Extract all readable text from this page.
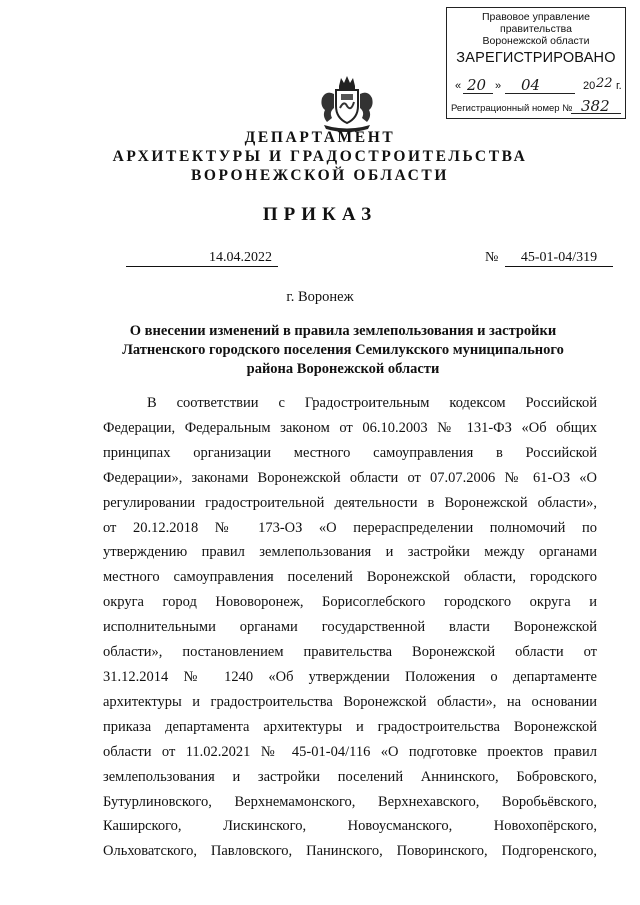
Правовое управление правительства
Воронежской области
ЗАРЕГИСТРИРОВАНО
« 20 » 04	20 22 г.
Регистрационный номер № 382
ДЕПАРТАМЕНТ
АРХИТЕКТУРЫ И ГРАДОСТРОИТЕЛЬСТВА
ВОРОНЕЖСКОЙ ОБЛАСТИ
ПРИКАЗ
14.04.2022	№	45-01-04/319
г. Воронеж
О внесении изменений в правила землепользования и застройки
Латненского городского поселения Семилукского муниципального
района Воронежской области
В соответствии с Градостроительным кодексом Российской
Федерации, Федеральным законом от 06.10.2003 № 131-ФЗ «Об общих
принципах организации местного самоуправления в Российской
Федерации», законами Воронежской области от 07.07.2006 № 61-ОЗ «О
регулировании градостроительной деятельности в Воронежской области»,
от 20.12.2018 № 173-ОЗ «О перераспределении полномочий по
утверждению правил землепользования и застройки между органами
местного самоуправления поселений Воронежской области, городского
округа город Нововоронеж, Борисоглебского городского округа и
исполнительными органами государственной власти Воронежской
области», постановлением правительства Воронежской области от
31.12.2014 № 1240 «Об утверждении Положения о департаменте
архитектуры и градостроительства Воронежской области», на основании
приказа департамента архитектуры и градостроительства Воронежской
области от 11.02.2021 № 45-01-04/116 «О подготовке проектов правил
землепользования и застройки поселений Аннинского, Бобровского,
Бутурлиновского, Верхнемамонского, Верхнехавского, Воробьёвского,
Каширского, Лискинского, Новоусманского, Новохопёрского,
Ольховатского, Павловского, Панинского, Поворинского, Подгоренского,
